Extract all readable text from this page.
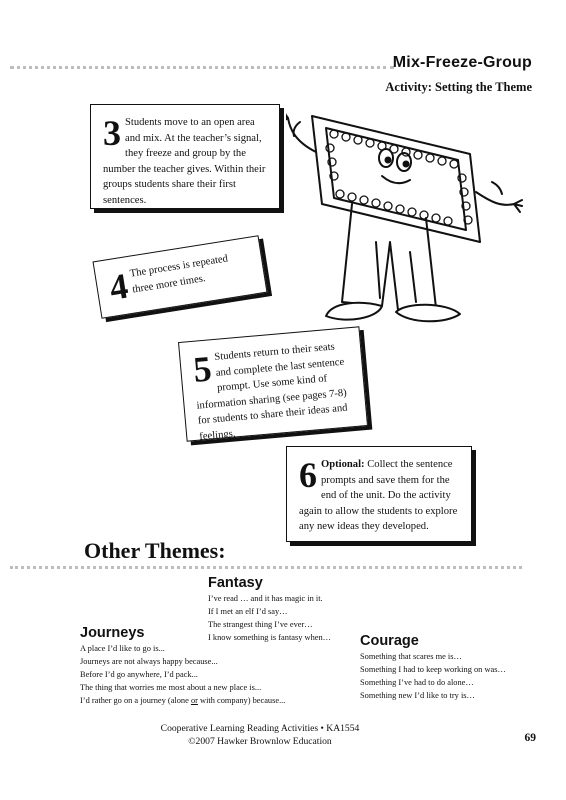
Mix-Freeze-Group
Activity: Setting the Theme
3 Students move to an open area and mix. At the teacher’s signal, they freeze and group by the number the teacher gives. Within their groups students share their first sentences.
4
The process is repeated three more times.
5 Students return to their seats and complete the last sentence prompt. Use some kind of information sharing (see pages 7-8) for students to share their ideas and feelings.
6 Optional: Collect the sentence prompts and save them for the end of the unit. Do the activity again to allow the students to explore any new ideas they developed.
Other Themes:
Fantasy
I’ve read … and it has magic in it.
If I met an elf I’d say…
The strangest thing I’ve ever…
I know something is fantasy when…
Journeys
A place I’d like to go is...
Journeys are not always happy because...
Before I’d go anywhere, I’d pack...
The thing that worries me most about a new place is...
I’d rather go on a journey (alone or with company) because...
Courage
Something that scares me is…
Something I had to keep working on was…
Something I’ve had to do alone…
Something new I’d like to try is…
Cooperative Learning Reading Activities • KA1554
©2007 Hawker Brownlow Education	69
